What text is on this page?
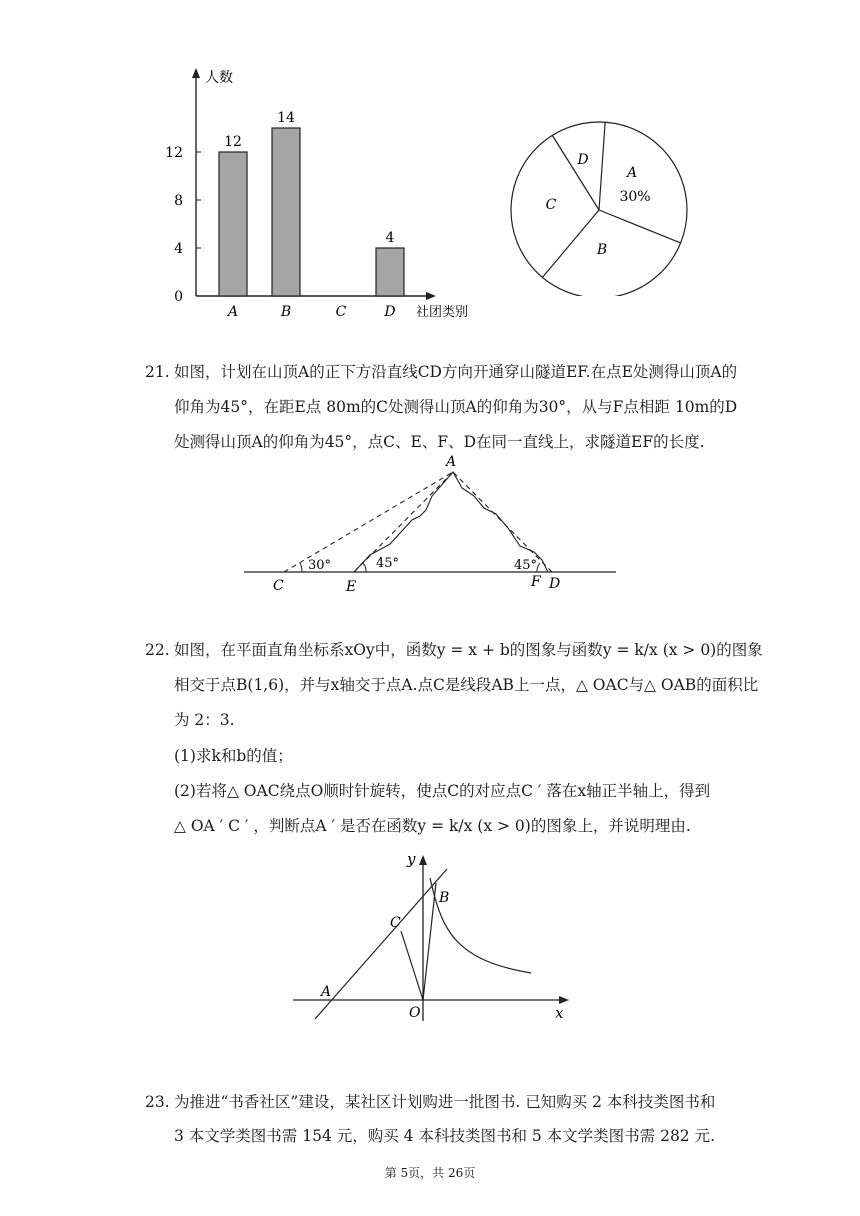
人数
社团类别
0
4
8
12
12
14
4
A	B	C	D
A
30%
B
C
D
21. 如图，计划在山顶A的正下方沿直线CD方向开通穿山隧道EF.在点E处测得山顶A的
仰角为45°，在距E点 80m的C处测得山顶A的仰角为30°，从与F点相距 10m的D
处测得山顶A的仰角为45°，点C、E、F、D在同一直线上，求隧道EF的长度.
A
C	E	F D
30°	45°	45°
22. 如图，在平面直角坐标系xOy中，函数y = x + b的图象与函数y = k/x (x > 0)的图象
相交于点B(1,6)，并与x轴交于点A.点C是线段AB上一点，△ OAC与△ OAB的面积比
为 2：3.
(1)求k和b的值；
(2)若将△ OAC绕点O顺时针旋转，使点C的对应点C ′ 落在x轴正半轴上，得到
△ OA ′ C ′ ，判断点A ′ 是否在函数y = k/x (x > 0)的图象上，并说明理由.
y
x
O
A
B
C
23. 为推进“书香社区”建设，某社区计划购进一批图书. 已知购买 2 本科技类图书和
3 本文学类图书需 154 元，购买 4 本科技类图书和 5 本文学类图书需 282 元.
第 5页，共 26页
